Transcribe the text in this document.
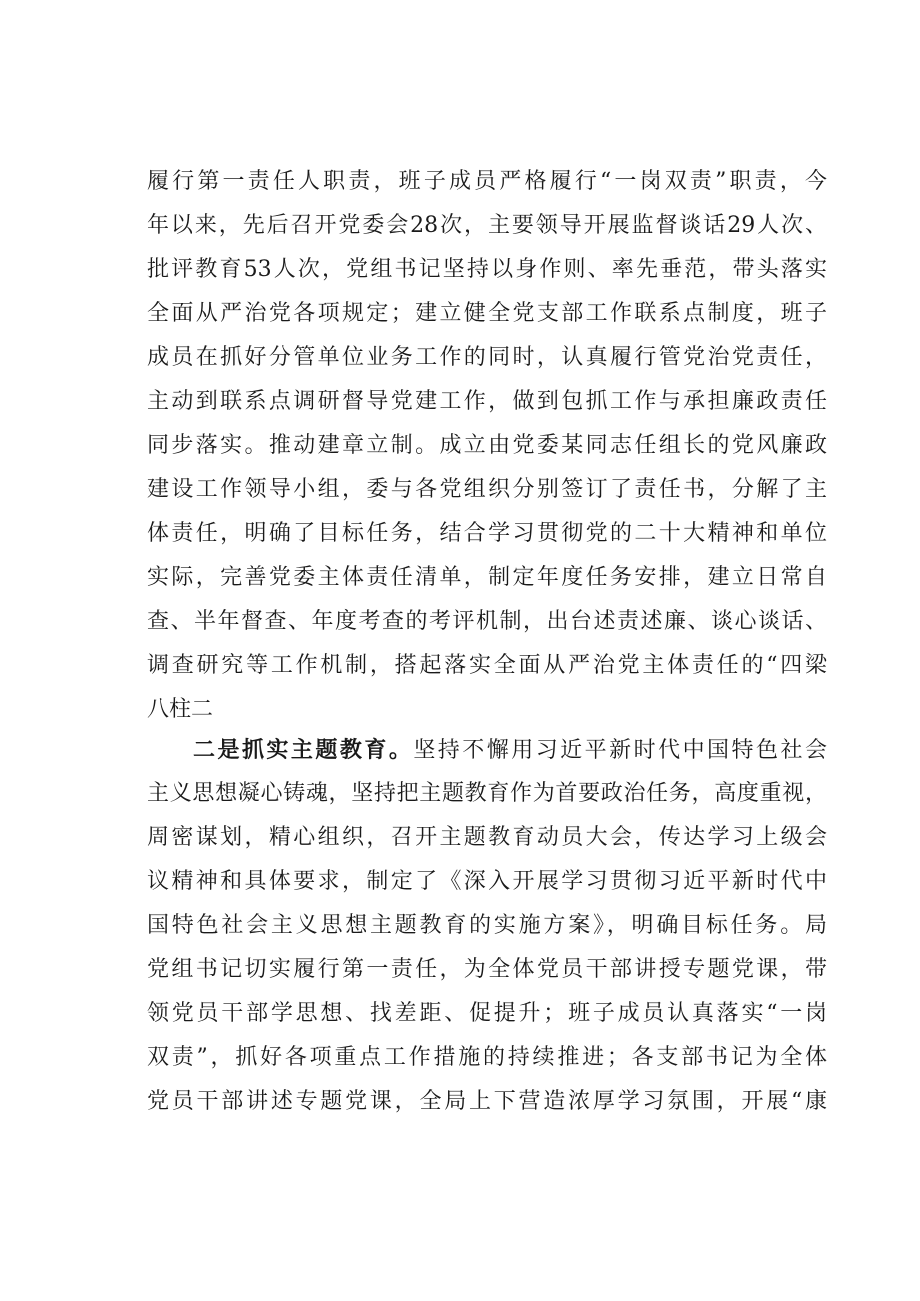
履行第一责任人职责，班子成员严格履行“一岗双责”职责，今
年以来，先后召开党委会28次，主要领导开展监督谈话29人次、
批评教育53人次，党组书记坚持以身作则、率先垂范，带头落实
全面从严治党各项规定；建立健全党支部工作联系点制度，班子
成员在抓好分管单位业务工作的同时，认真履行管党治党责任，
主动到联系点调研督导党建工作，做到包抓工作与承担廉政责任
同步落实。推动建章立制。成立由党委某同志任组长的党风廉政
建设工作领导小组，委与各党组织分别签订了责任书，分解了主
体责任，明确了目标任务，结合学习贯彻党的二十大精神和单位
实际，完善党委主体责任清单，制定年度任务安排，建立日常自
查、半年督查、年度考查的考评机制，出台述责述廉、谈心谈话、
调查研究等工作机制，搭起落实全面从严治党主体责任的“四梁
八柱二
二是抓实主题教育。坚持不懈用习近平新时代中国特色社会
主义思想凝心铸魂，坚持把主题教育作为首要政治任务，高度重视，
周密谋划，精心组织，召开主题教育动员大会，传达学习上级会
议精神和具体要求，制定了《深入开展学习贯彻习近平新时代中
国特色社会主义思想主题教育的实施方案》，明确目标任务。局
党组书记切实履行第一责任，为全体党员干部讲授专题党课，带
领党员干部学思想、找差距、促提升；班子成员认真落实“一岗
双责”，抓好各项重点工作措施的持续推进；各支部书记为全体
党员干部讲述专题党课，全局上下营造浓厚学习氛围，开展“康
